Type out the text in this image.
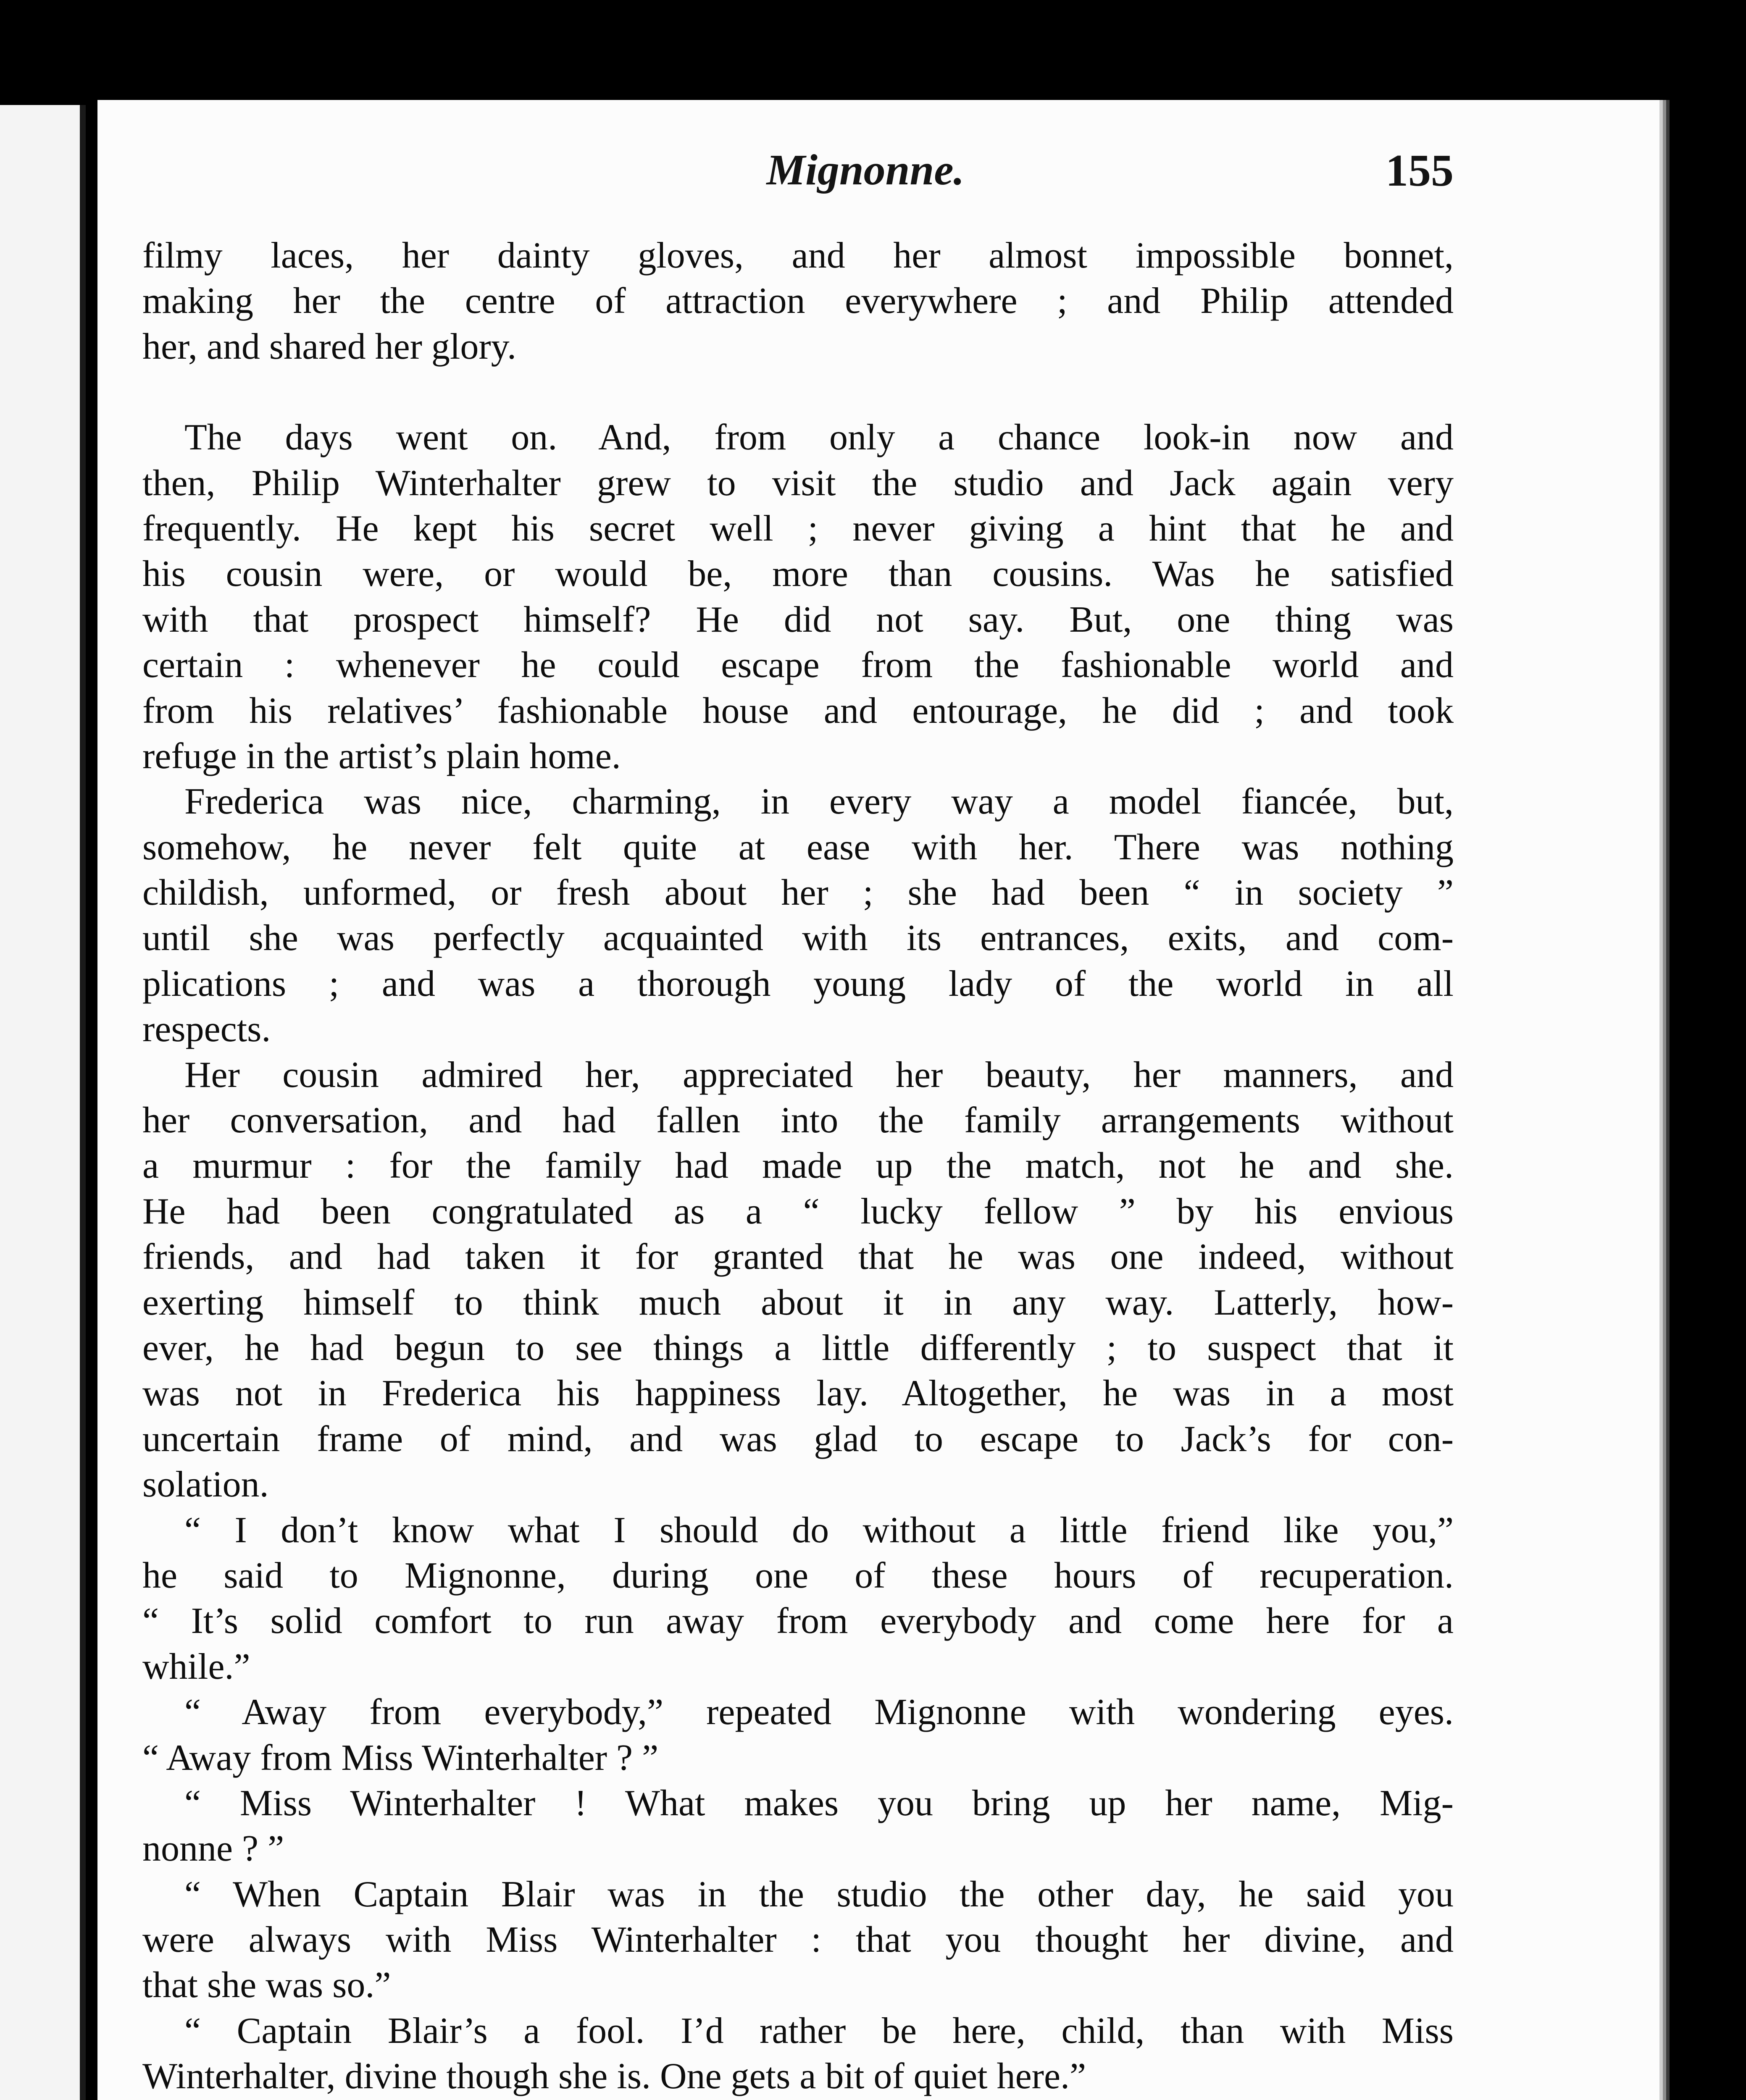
Mignonne.	155

filmy laces, her dainty gloves, and her almost impossible bonnet,

making her the centre of attraction everywhere ; and Philip attended

her, and shared her glory.

The days went on. And, from only a chance look-in now and

then, Philip Winterhalter grew to visit the studio and Jack again very

frequently. He kept his secret well ; never giving a hint that he and

his cousin were, or would be, more than cousins. Was he satisfied

with that prospect himself? He did not say. But, one thing was

certain : whenever he could escape from the fashionable world and

from his relatives’ fashionable house and entourage, he did ; and took

refuge in the artist’s plain home.

Frederica was nice, charming, in every way a model fiancée, but,

somehow, he never felt quite at ease with her. There was nothing

childish, unformed, or fresh about her ; she had been “ in society ”

until she was perfectly acquainted with its entrances, exits, and com-

plications ; and was a thorough young lady of the world in all

respects.

Her cousin admired her, appreciated her beauty, her manners, and

her conversation, and had fallen into the family arrangements without

a murmur : for the family had made up the match, not he and she.

He had been congratulated as a “ lucky fellow ” by his envious

friends, and had taken it for granted that he was one indeed, without

exerting himself to think much about it in any way. Latterly, how-

ever, he had begun to see things a little differently ; to suspect that it

was not in Frederica his happiness lay. Altogether, he was in a most

uncertain frame of mind, and was glad to escape to Jack’s for con-

solation.

“ I don’t know what I should do without a little friend like you,”

he said to Mignonne, during one of these hours of recuperation.

“ It’s solid comfort to run away from everybody and come here for a

while.”

“ Away from everybody,” repeated Mignonne with wondering eyes.

“ Away from Miss Winterhalter ? ”

“ Miss Winterhalter ! What makes you bring up her name, Mig-

nonne ? ”

“ When Captain Blair was in the studio the other day, he said you

were always with Miss Winterhalter : that you thought her divine, and

that she was so.”

“ Captain Blair’s a fool. I’d rather be here, child, than with Miss

Winterhalter, divine though she is. One gets a bit of quiet here.”
